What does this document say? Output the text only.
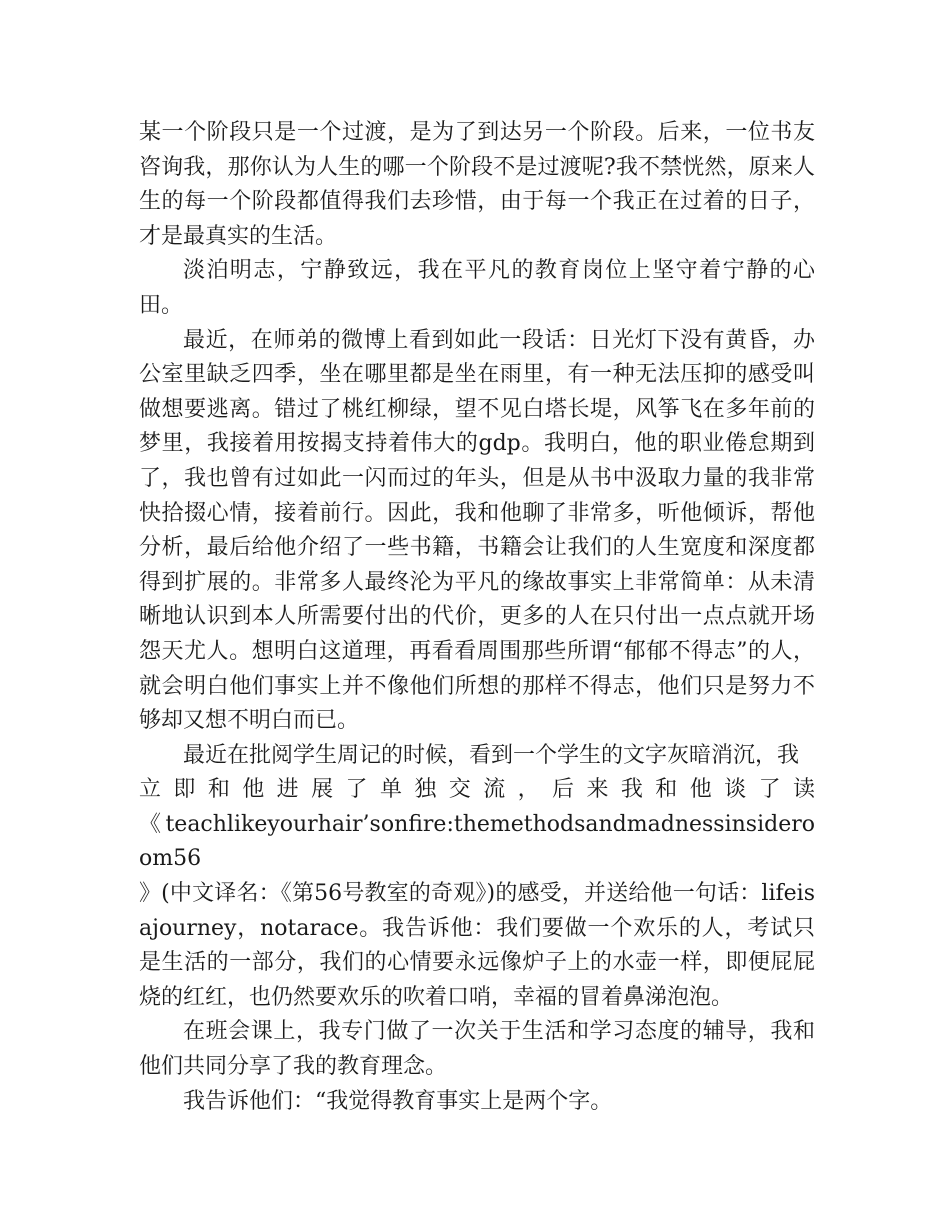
某一个阶段只是一个过渡，是为了到达另一个阶段。后来，一位书友咨询我，那你认为人生的哪一个阶段不是过渡呢?我不禁恍然，原来人生的每一个阶段都值得我们去珍惜，由于每一个我正在过着的日子，才是最真实的生活。

淡泊明志，宁静致远，我在平凡的教育岗位上坚守着宁静的心田。

最近，在师弟的微博上看到如此一段话：日光灯下没有黄昏，办公室里缺乏四季，坐在哪里都是坐在雨里，有一种无法压抑的感受叫做想要逃离。错过了桃红柳绿，望不见白塔长堤，风筝飞在多年前的梦里，我接着用按揭支持着伟大的gdp。我明白，他的职业倦怠期到了，我也曾有过如此一闪而过的年头，但是从书中汲取力量的我非常快拾掇心情，接着前行。因此，我和他聊了非常多，听他倾诉，帮他分析，最后给他介绍了一些书籍，书籍会让我们的人生宽度和深度都得到扩展的。非常多人最终沦为平凡的缘故事实上非常简单：从未清晰地认识到本人所需要付出的代价，更多的人在只付出一点点就开场怨天尤人。想明白这道理，再看看周围那些所谓“郁郁不得志”的人，就会明白他们事实上并不像他们所想的那样不得志，他们只是努力不够却又想不明白而已。

最近在批阅学生周记的时候，看到一个学生的文字灰暗消沉，我

立即和他进展了单独交流，后来我和他谈了读

《teachlikeyourhair’sonfire:themethodsandmadnessinsideroom56

》(中文译名：《第56号教室的奇观》)的感受，并送给他一句话：lifeisajourney，notarace。我告诉他：我们要做一个欢乐的人，考试只是生活的一部分，我们的心情要永远像炉子上的水壶一样，即便屁屁烧的红红，也仍然要欢乐的吹着口哨，幸福的冒着鼻涕泡泡。

在班会课上，我专门做了一次关于生活和学习态度的辅导，我和他们共同分享了我的教育理念。

我告诉他们：“我觉得教育事实上是两个字。
